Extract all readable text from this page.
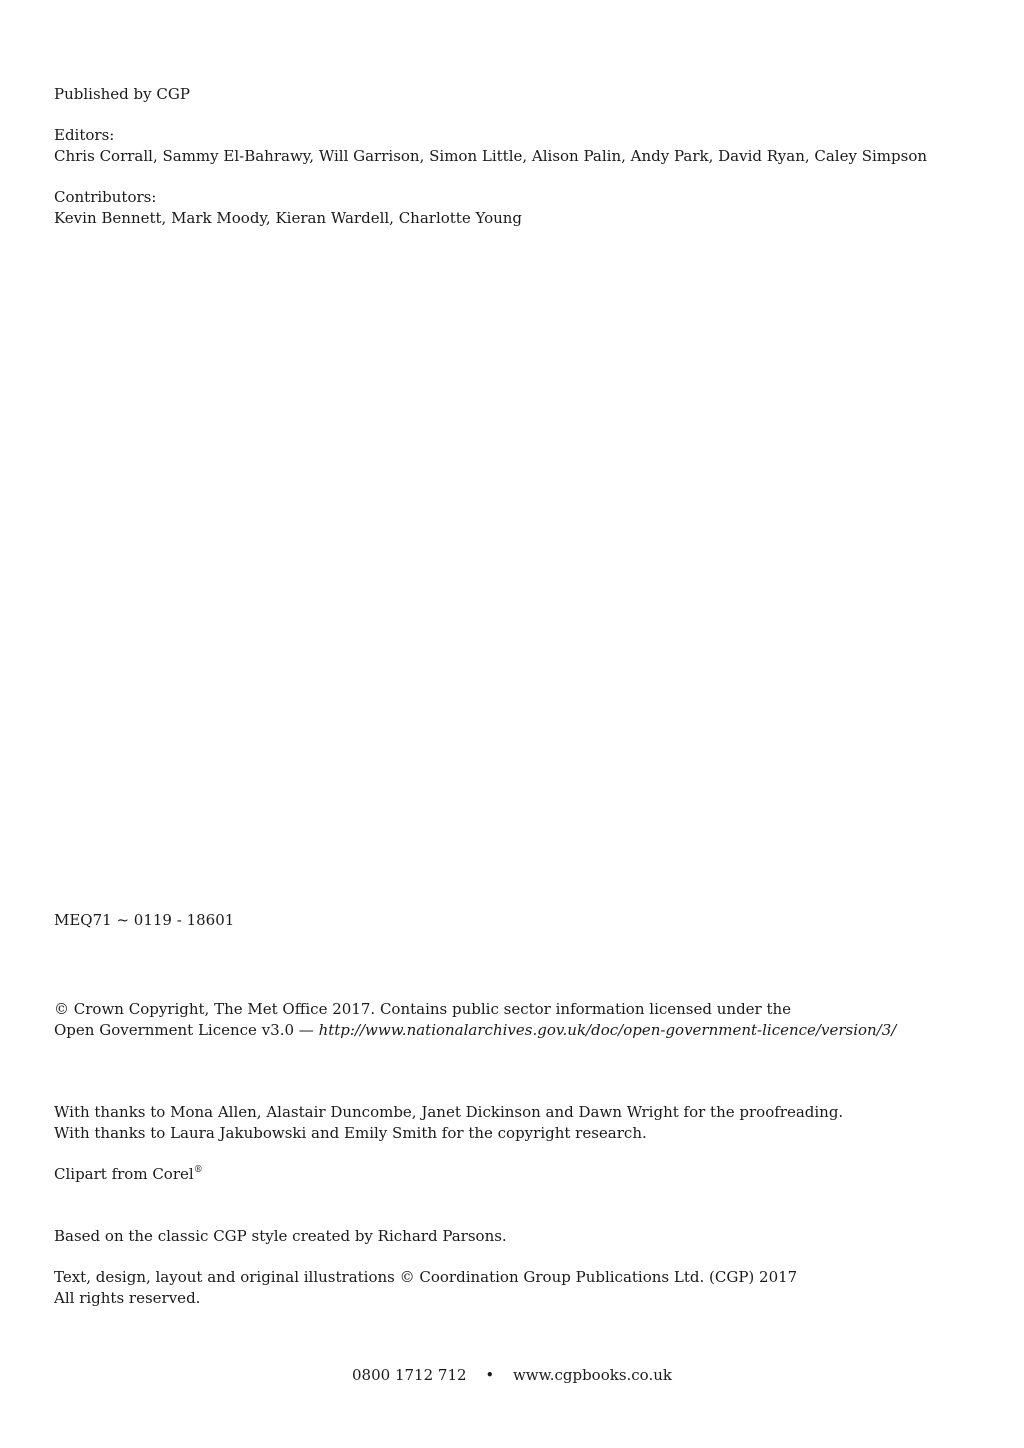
Published by CGP

Editors:

Chris Corrall, Sammy El-Bahrawy, Will Garrison, Simon Little, Alison Palin, Andy Park, David Ryan, Caley Simpson

Contributors:

Kevin Bennett, Mark Moody, Kieran Wardell, Charlotte Young

MEQ71 ~ 0119 - 18601

© Crown Copyright, The Met Office 2017. Contains public sector information licensed under the

Open Government Licence v3.0 — http://www.nationalarchives.gov.uk/doc/open-government-licence/version/3/

With thanks to Mona Allen, Alastair Duncombe, Janet Dickinson and Dawn Wright for the proofreading.

With thanks to Laura Jakubowski and Emily Smith for the copyright research.

Clipart from Corel®

Based on the classic CGP style created by Richard Parsons.

Text, design, layout and original illustrations © Coordination Group Publications Ltd. (CGP) 2017

All rights reserved.

0800 1712 712 • www.cgpbooks.co.uk
